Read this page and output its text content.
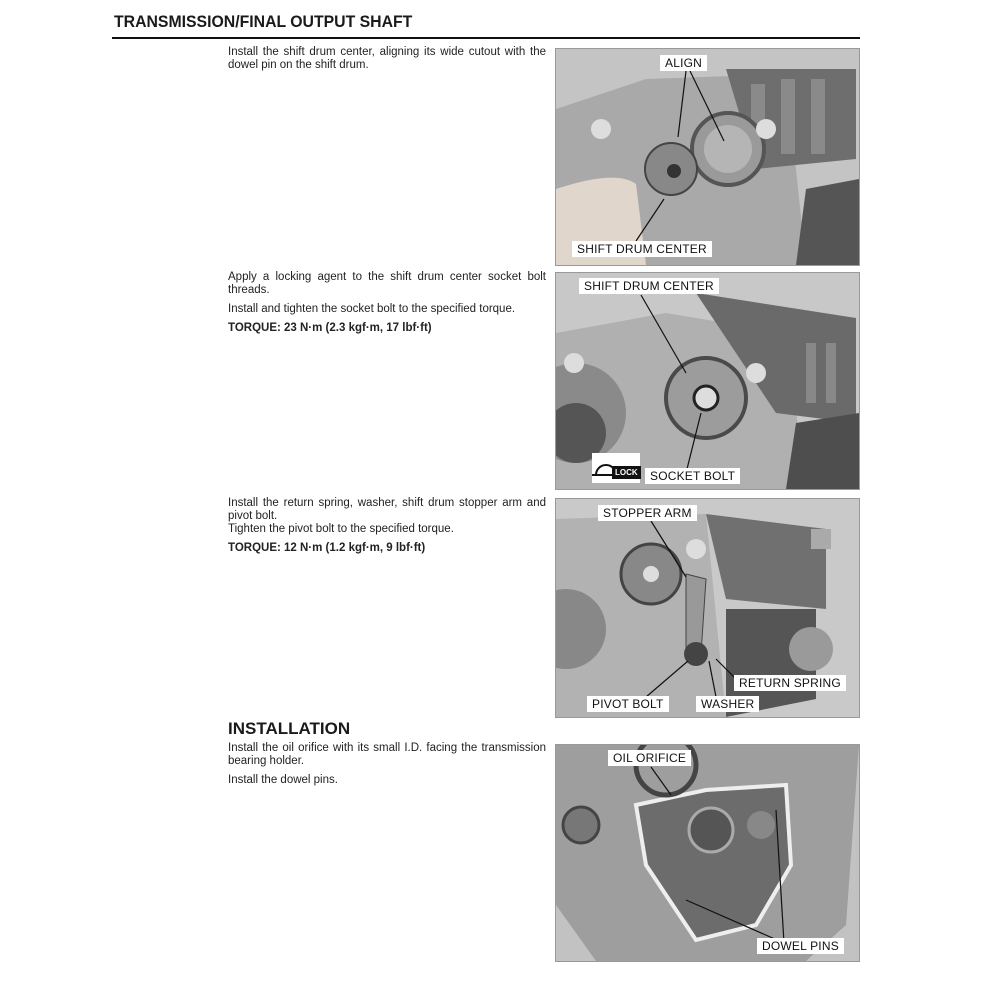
TRANSMISSION/FINAL OUTPUT SHAFT

Install the shift drum center, aligning its wide cutout with the dowel pin on the shift drum.	ALIGN
SHIFT DRUM CENTER

Apply a locking agent to the shift drum center socket bolt threads.

Install and tighten the socket bolt to the specified torque.

TORQUE: 23 N·m (2.3 kgf·m, 17 lbf·ft)

SHIFT DRUM CENTER
LOCK	SOCKET BOLT

Install the return spring, washer, shift drum stopper arm and pivot bolt.

Tighten the pivot bolt to the specified torque.

TORQUE: 12 N·m (1.2 kgf·m, 9 lbf·ft)

STOPPER ARM
RETURN SPRING
PIVOT BOLT	WASHER
INSTALLATION

Install the oil orifice with its small I.D. facing the transmission bearing holder.

Install the dowel pins.

OIL ORIFICE
DOWEL PINS
